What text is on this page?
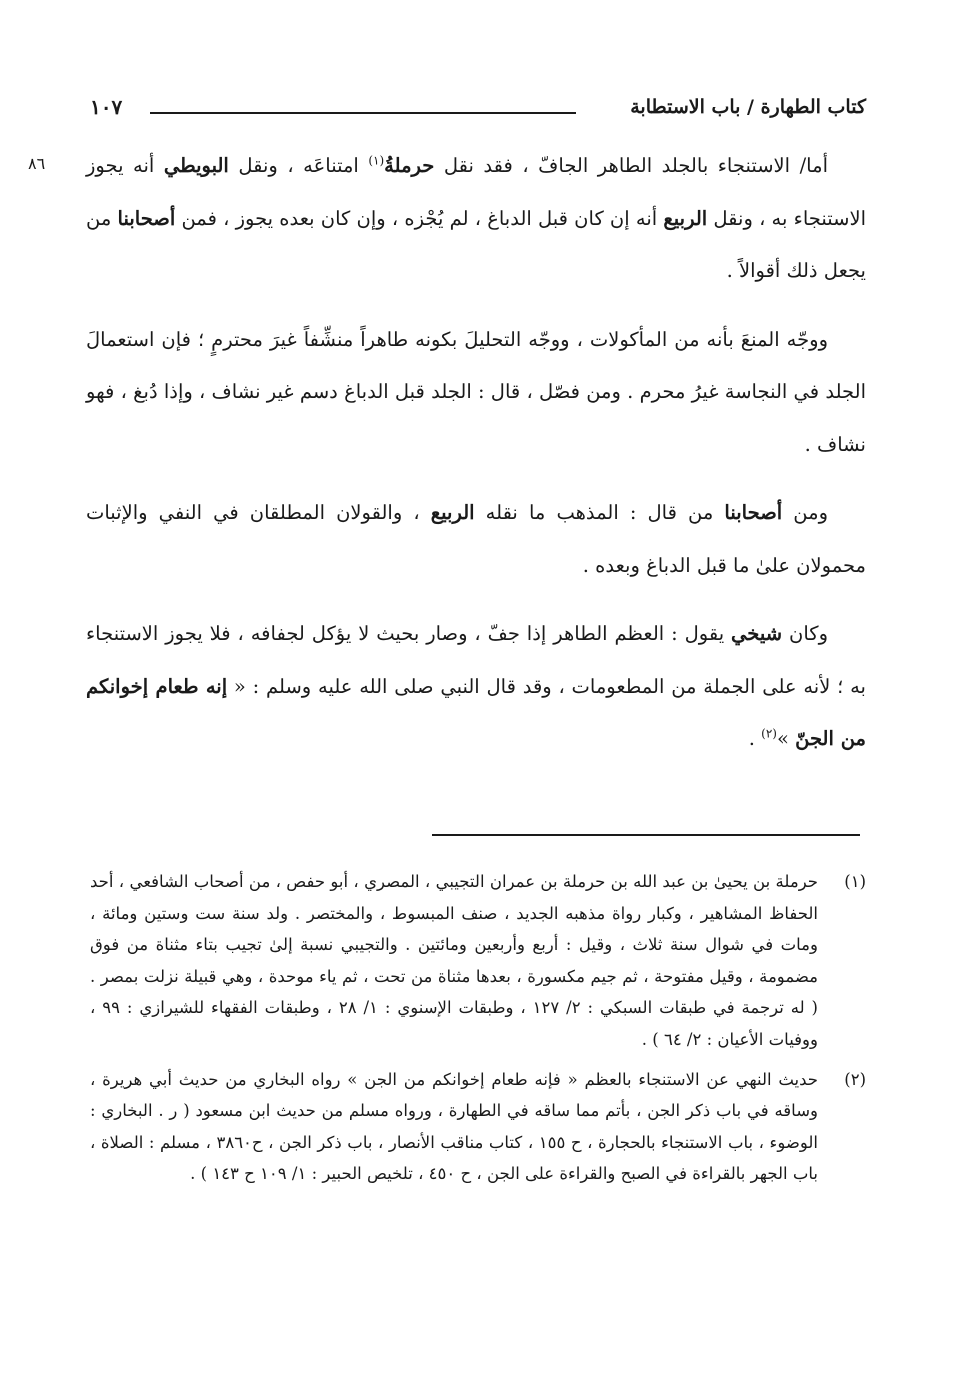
كتاب الطهارة / باب الاستطابة
١٠٧
٨٦	أما/ الاستنجاء بالجلد الطاهر الجافّ ، فقد نقل حرملةُ$^{(١)}$ امتناعَه ، ونقل البويطي أنه يجوز الاستنجاء به ، ونقل الربيع أنه إن كان قبل الدباغ ، لم يُجْزه ، وإن كان بعده يجوز ، فمن أصحابنا من يجعل ذلك أقوالاً .

ووجّه المنعَ بأنه من المأكولات ، ووجّه التحليلَ بكونه طاهراً منشِّفاً غيرَ محترمٍ ؛ فإن استعمالَ الجلد في النجاسة غيرُ محرم . ومن فصّل ، قال : الجلد قبل الدباغ دسم غير نشاف ، وإذا دُبغ ، فهو نشاف .

ومن أصحابنا من قال : المذهب ما نقله الربيع ، والقولان المطلقان في النفي والإثبات محمولان علىٰ ما قبل الدباغ وبعده .

وكان شيخي يقول : العظم الطاهر إذا جفّ ، وصار بحيث لا يؤكل لجفافه ، فلا يجوز الاستنجاء به ؛ لأنه على الجملة من المطعومات ، وقد قال النبي صلى الله عليه وسلم : « إنه طعام إخوانكم من الجنّ »$^{(٢)}$ .

(١)
حرملة بن يحيىٰ بن عبد الله بن حرملة بن عمران التجيبي ، المصري ، أبو حفص ، من أصحاب الشافعي ، أحد الحفاظ المشاهير ، وكبار رواة مذهبه الجديد ، صنف المبسوط ، والمختصر . ولد سنة ست وستين ومائة ، ومات في شوال سنة ثلاث ، وقيل : أربع وأربعين ومائتين . والتجيبي نسبة إلىٰ تجيب بتاء مثناة من فوق مضمومة ، وقيل مفتوحة ، ثم جيم مكسورة ، بعدها مثناة من تحت ، ثم ياء موحدة ، وهي قبيلة نزلت بمصر . ( له ترجمة في طبقات السبكي : ٢/ ١٢٧ ، وطبقات الإسنوي : ١/ ٢٨ ، وطبقات الفقهاء للشيرازي : ٩٩ ، ووفيات الأعيان : ٢/ ٦٤ ) .
(٢)
حديث النهي عن الاستنجاء بالعظم « فإنه طعام إخوانكم من الجن » رواه البخاري من حديث أبي هريرة ، وساقه في باب ذكر الجن ، بأتم مما ساقه في الطهارة ، ورواه مسلم من حديث ابن مسعود ( ر . البخاري : الوضوء ، باب الاستنجاء بالحجارة ، ح ١٥٥ ، كتاب مناقب الأنصار ، باب ذكر الجن ، ح٣٨٦٠ ، مسلم : الصلاة ، باب الجهر بالقراءة في الصبح والقراءة على الجن ، ح ٤٥٠ ، تلخيص الحبير : ١/ ١٠٩ ح ١٤٣ ) .
